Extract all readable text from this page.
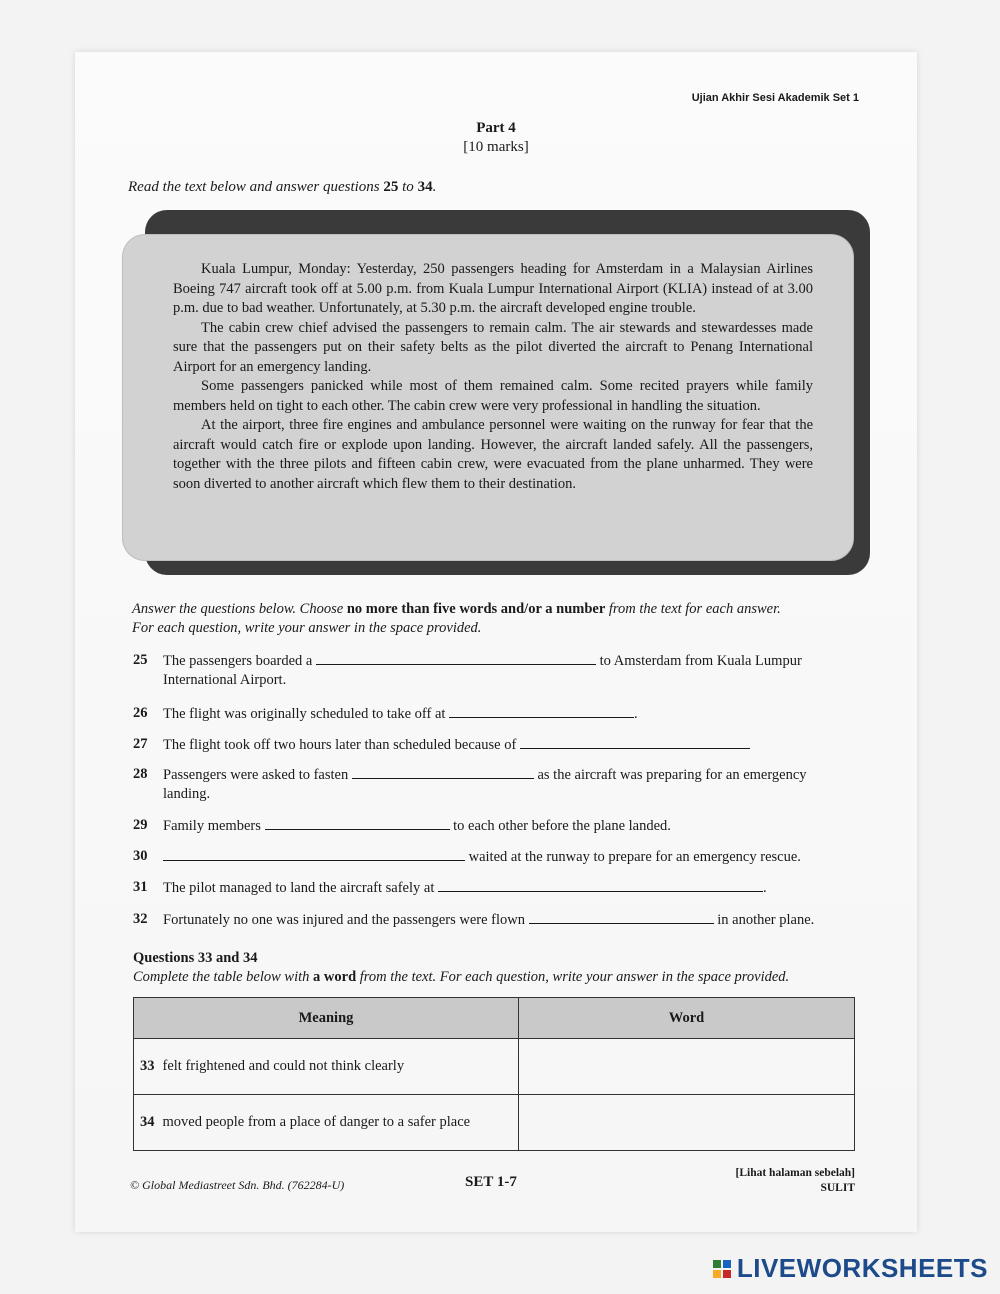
Ujian Akhir Sesi Akademik Set 1
Part 4
[10 marks]
Read the text below and answer questions 25 to 34.

Kuala Lumpur, Monday: Yesterday, 250 passengers heading for Amsterdam in a Malaysian Airlines Boeing 747 aircraft took off at 5.00 p.m. from Kuala Lumpur International Airport (KLIA) instead of at 3.00 p.m. due to bad weather. Unfortunately, at 5.30 p.m. the aircraft developed engine trouble.

The cabin crew chief advised the passengers to remain calm. The air stewards and stewardesses made sure that the passengers put on their safety belts as the pilot diverted the aircraft to Penang International Airport for an emergency landing.

Some passengers panicked while most of them remained calm. Some recited prayers while family members held on tight to each other. The cabin crew were very professional in handling the situation.

At the airport, three fire engines and ambulance personnel were waiting on the runway for fear that the aircraft would catch fire or explode upon landing. However, the aircraft landed safely. All the passengers, together with the three pilots and fifteen cabin crew, were evacuated from the plane unharmed. They were soon diverted to another aircraft which flew them to their destination.

Answer the questions below. Choose no more than five words and/or a number from the text for each answer.
For each question, write your answer in the space provided.
25 The passengers boarded a	to Amsterdam from Kuala Lumpur
International Airport.
26 The flight was originally scheduled to take off at	.
27 The flight took off two hours later than scheduled because of
28 Passengers were asked to fasten	as the aircraft was preparing for an emergency
landing.
29 Family members	to each other before the plane landed.
30	waited at the runway to prepare for an emergency rescue.
31 The pilot managed to land the aircraft safely at	.
32 Fortunately no one was injured and the passengers were flown	in another plane.
Questions 33 and 34
Complete the table below with a word from the text. For each question, write your answer in the space provided.
Meaning	Word
33 felt frightened and could not think clearly	
34 moved people from a place of danger to a safer place	
© Global Mediastreet Sdn. Bhd. (762284-U)	SET 1-7
[Lihat halaman sebelah]
SULIT
LIVEWORKSHEETS
